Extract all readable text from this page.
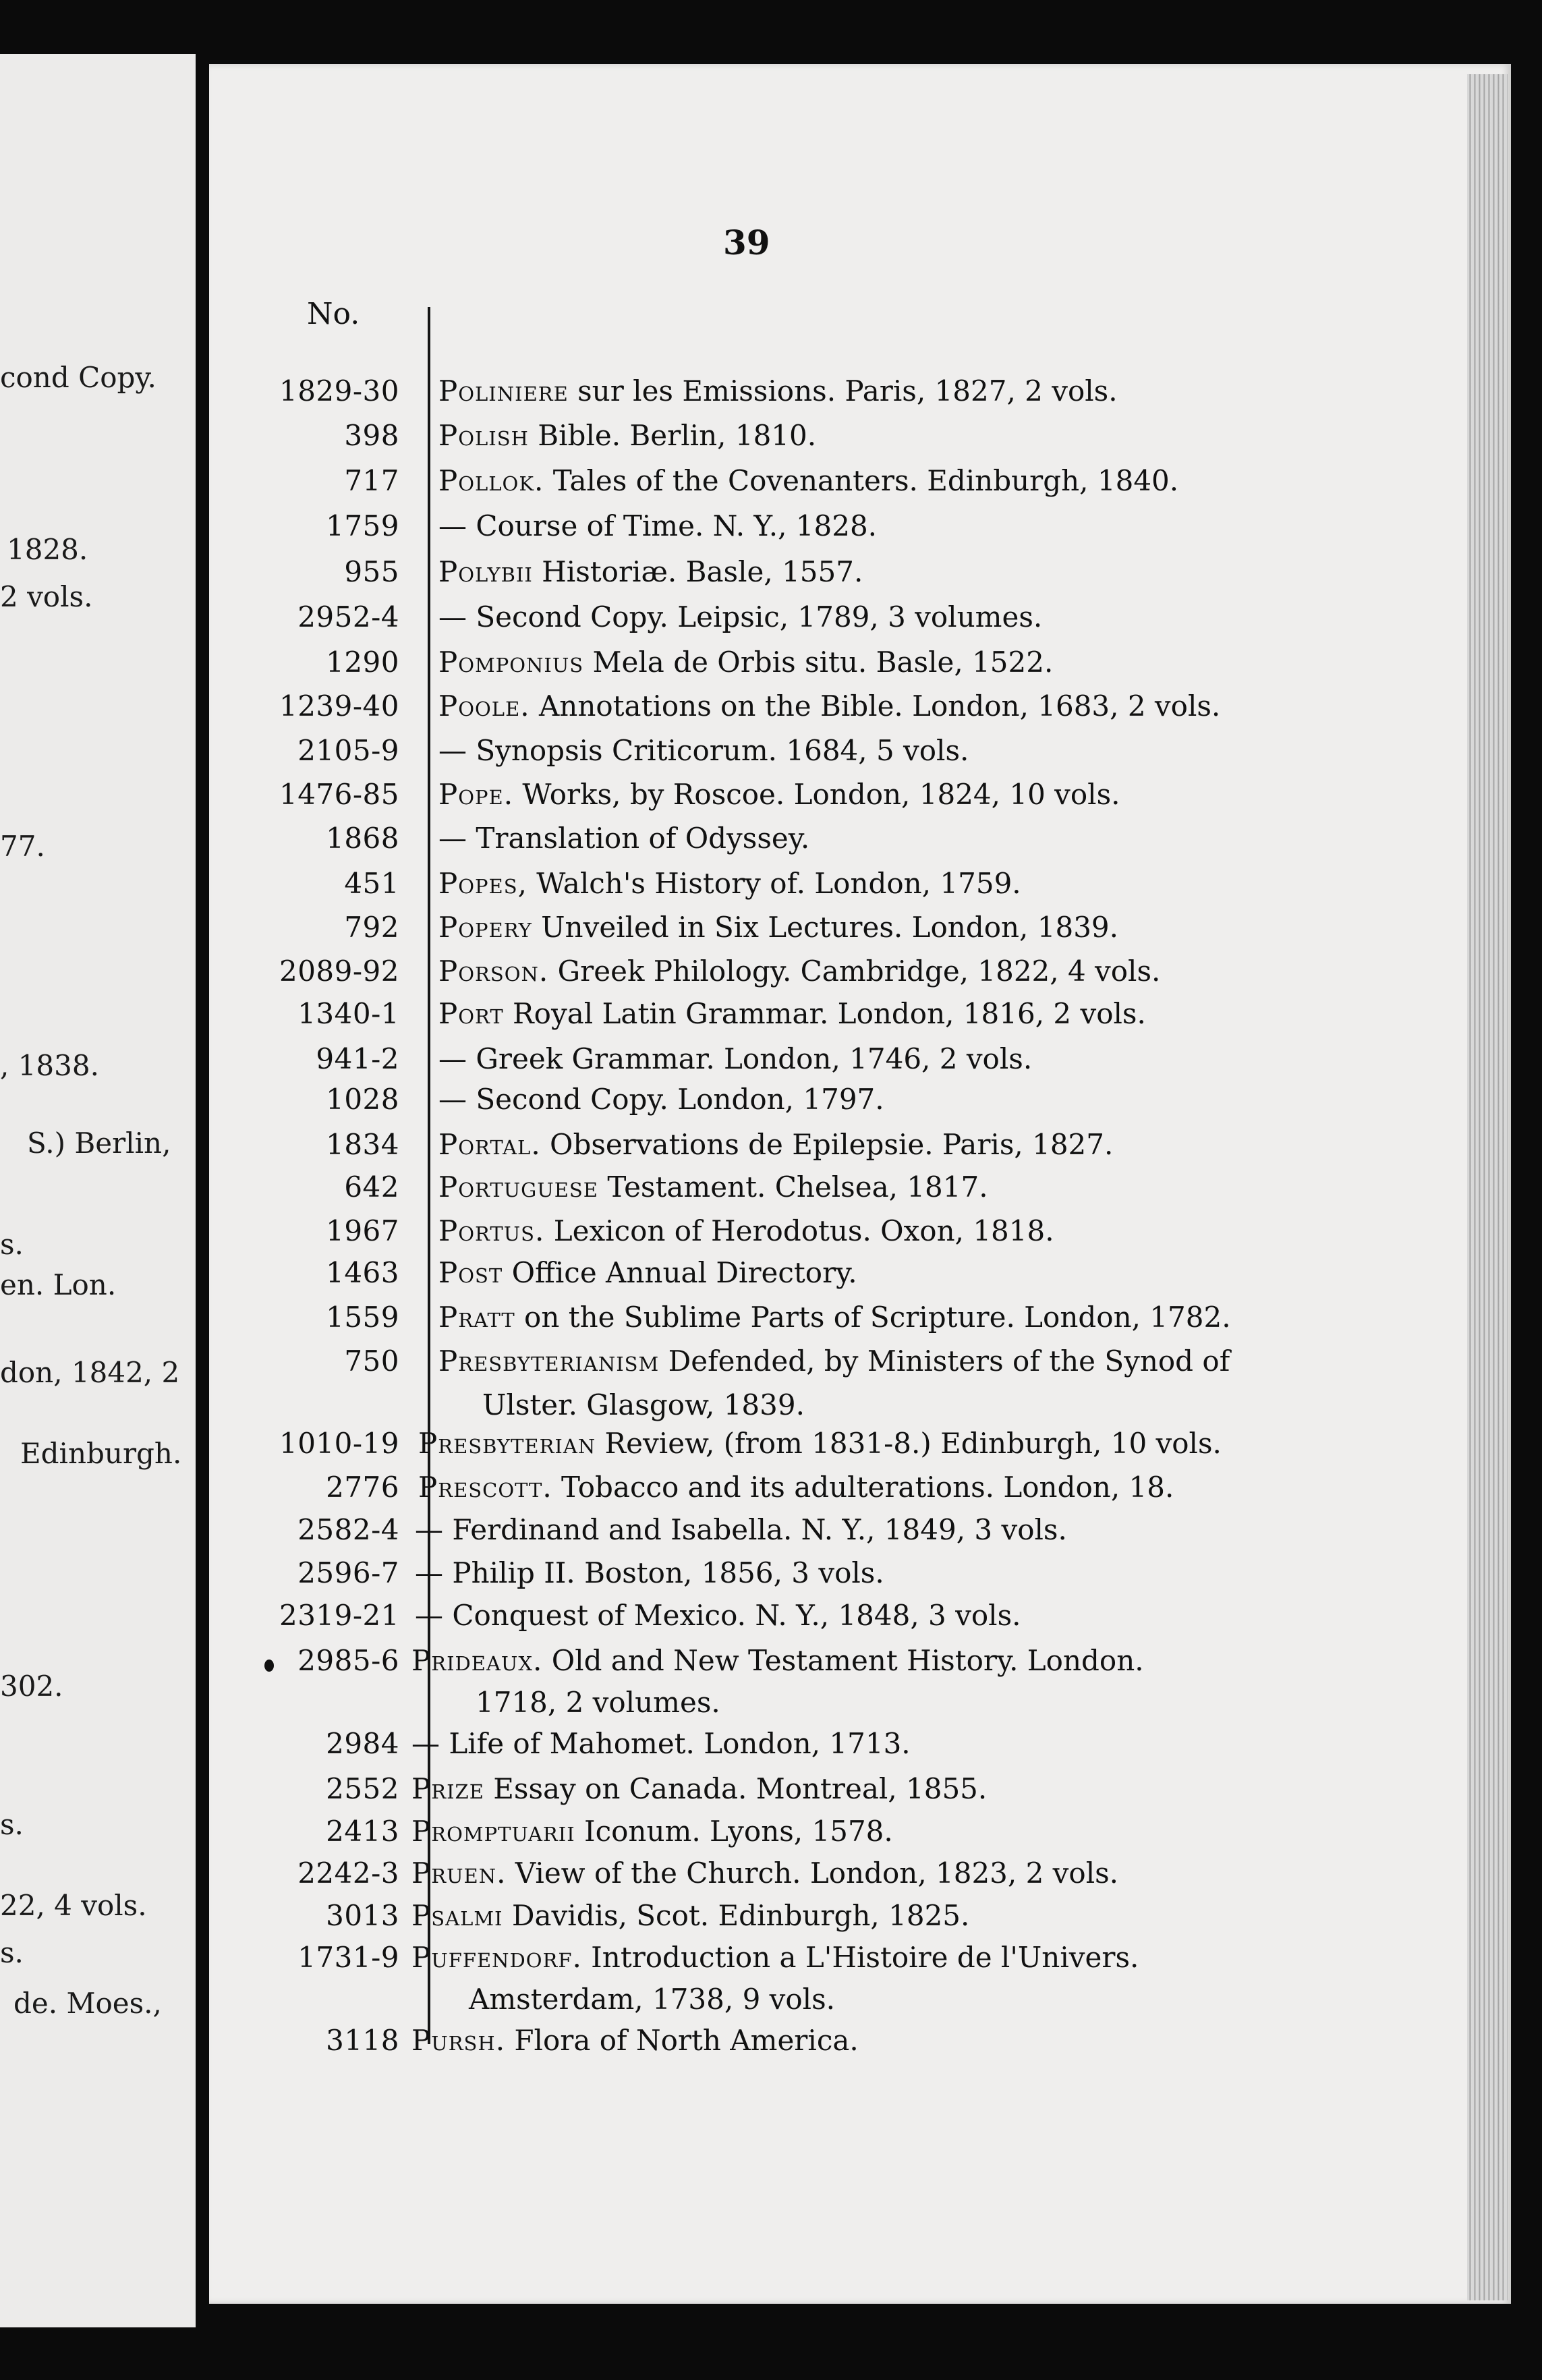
cond Copy.
1828.
2 vols.
77.
, 1838.
S.) Berlin,
s.
en. Lon.
don, 1842, 2
Edinburgh.
302.
s.
22, 4 vols.
s.
de. Moes.,
39
No.
1829-30 Poliniere sur les Emissions. Paris, 1827, 2 vols.
398 Polish Bible. Berlin, 1810.
717 Pollok. Tales of the Covenanters. Edinburgh, 1840.
1759 — Course of Time. N. Y., 1828.
955 Polybii Historiæ. Basle, 1557.
2952-4 — Second Copy. Leipsic, 1789, 3 volumes.
1290 Pomponius Mela de Orbis situ. Basle, 1522.
1239-40 Poole. Annotations on the Bible. London, 1683, 2 vols.
2105-9 — Synopsis Criticorum. 1684, 5 vols.
1476-85 Pope. Works, by Roscoe. London, 1824, 10 vols.
1868 — Translation of Odyssey.
451 Popes, Walch's History of. London, 1759.
792 Popery Unveiled in Six Lectures. London, 1839.
2089-92 Porson. Greek Philology. Cambridge, 1822, 4 vols.
1340-1 Port Royal Latin Grammar. London, 1816, 2 vols.
941-2 — Greek Grammar. London, 1746, 2 vols.
1028 — Second Copy. London, 1797.
1834 Portal. Observations de Epilepsie. Paris, 1827.
642 Portuguese Testament. Chelsea, 1817.
1967 Portus. Lexicon of Herodotus. Oxon, 1818.
1463 Post Office Annual Directory.
1559 Pratt on the Sublime Parts of Scripture. London, 1782.
750 Presbyterianism Defended, by Ministers of the Synod of
Ulster. Glasgow, 1839.
1010-19 Presbyterian Review, (from 1831-8.) Edinburgh, 10 vols.
2776 Prescott. Tobacco and its adulterations. London, 18.
2582-4 — Ferdinand and Isabella. N. Y., 1849, 3 vols.
2596-7 — Philip II. Boston, 1856, 3 vols.
2319-21 — Conquest of Mexico. N. Y., 1848, 3 vols.
2985-6 Prideaux. Old and New Testament History. London.
1718, 2 volumes.
2984 — Life of Mahomet. London, 1713.
2552 Prize Essay on Canada. Montreal, 1855.
2413 Promptuarii Iconum. Lyons, 1578.
2242-3 Pruen. View of the Church. London, 1823, 2 vols.
3013 Psalmi Davidis, Scot. Edinburgh, 1825.
1731-9 Puffendorf. Introduction a L'Histoire de l'Univers.
Amsterdam, 1738, 9 vols.
3118 Pursh. Flora of North America.
